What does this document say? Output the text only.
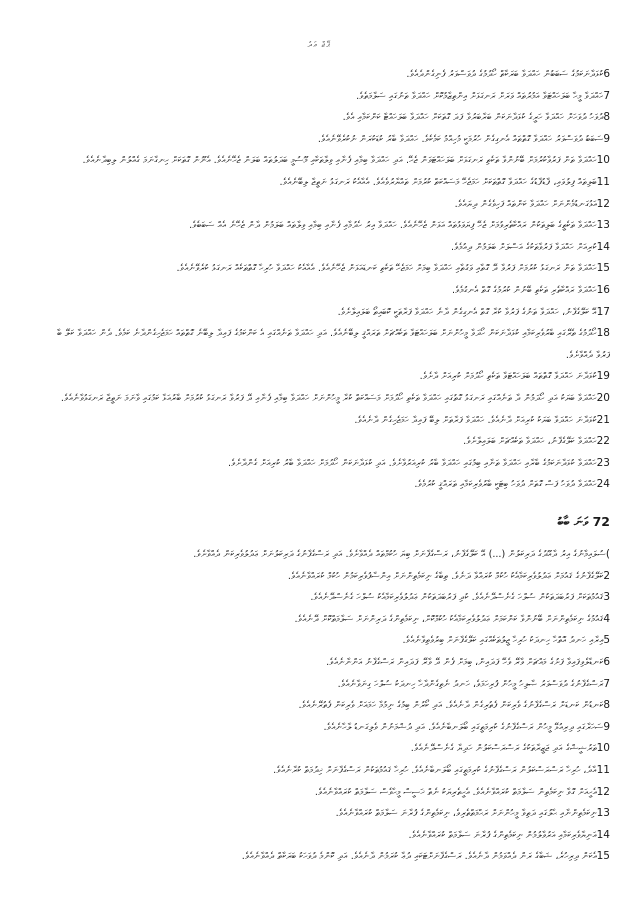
ޕޭޖް ޢަދު

6ކުޅަދާނަކަމުގެ ސަބަބުން ހައްދަވާ ބަރަކާތް ހޯދުމުގެ ދުވަސްވަރު ފެނިގެންދެއެވެ.

7ހައްދަވާ މީހާ ބަލަހައްޓަވާ އަމުރުތައް ވަރަށް ރަނގަޅަށް އިންތިޒާމުކޮށް ހައްދަވާ ތަނުގައި ސަލާމަތެވެ.

8ދުވަހު ދުވަހަށް ހައްދަވާ ހަރީގެ ކުޅަދާނަކަން ބަރާބަރުވާ ފަދަ ގޮތަކަށް ހައްދަވާ ބަލަހައްޓާ ކަންކަމާއި އެވެ.

9ސަބަބު ދުވަސްވަރު ހައްދަވާ ގޮތްތައް އެނގިގެން ހުރުމަކީ މުހިއްމު ކަމެކެވެ. ހައްދަވާ ބާރު ކުޑަކުރަން ނުކުރެވޭނެއެވެ.

10ހައްދަވާ ތަން ފަރުވާކުރުމަށް ބޭނުންވާ ތަކެތި ރަނގަޅަށް ބަލަހައްޓަވަން ޖެހޭ. އަދި ހައްދަވާ ބިމާއި ފެނާއި ވިލާތަކާއި މޫސުމީ ބަދަލުތައް ބަލަން ޖެހޭނެއެވެ. އެނޫން ގޮތަކަށް ހިނގާނަމަ ގެއްލުން ލިބިދާނެއެވެ.

11ބަލިތައް ފިލުވައި، ފާޑުފާޑުގެ ހައްދަވާ ގޮތްތަކަށް ހަމަޖެހޭ މަސައްކަތް ކުރުމަށް ތައްޔާރުވެއެވެ. އެއާއެކު ރަނގަޅު ނަތީޖާ ލިބޭނެއެވެ.

12އަޅުގަނޑުމެންނަށް ހައްދަވާ ކަންތައް ފަހިވެގެން ދިޔައެވެ.

13ހައްދަވާ ތަކެތީގެ ބަލިތަކުން ރައްކާތެރިވުމަށް ޖެހޭ ފިޔަވަޅުތައް އަޅަން ޖެހޭނެއެވެ. ހައްދަވާ އިރު ހެދުމާއި ފެނާއި ބިމާއި ވިލާތައް ބަލަމުން ދާން ޖެހޭނެ އެއް ސަބަބެވެ.

14ކުރިއަށް ހައްދަވާ ފަރުވާތަކުގެ އަސްލަށް ބަލަމުން ދިއުމެވެ.

15ހައްދަވާ ތަން ރަނގަޅު ކުރުމަށް ފަރުވާ ދޭ ގޮތާއި ވަގުތާއި ހައްދަވާ ބިމަށް ހަމަޖެހޭ ތަކެތި ކަނޑައަޅަން ޖެހޭނެއެވެ. އެއާއެކު ހައްދަވާ ހުރިހާ ގޮތްތަކެއް ރަނގަޅު ކުރެވޭނެއެވެ.

16ހައްދަވާ ރައްކާތެރި ތަކެތި ބޭނުން ކުރުމުގެ ގޮތް އެނގުމެވެ.

17އޭ ކަލޭގެފާނު، ހައްދަވާ ތަނުގެ ފަރުވާ ކުރާ ގޮތް އެނގިގެން ދާނެ ހައްދަވާ ފަރާތަކީ ކޮބައިތޯ ބަލައިލާށެވެ.

18ހޯދުމުގެ ތެރޭގައި ބާރުވެރިކަމާއި ކުޅަދާނަކަން ހޯދަވާ މީހުންނަށް ބަލަހައްޓަވާ ތަކެއްޗަށް ތަރައްޤީ ލިބޭނެއެވެ. އަދި ހައްދަވާ ތަނެއްގައި އެ ކަންކަމުގެ ފައިދާ ލިބޭނެ ގޮތްތައް ހަމަޖެހިގެންދާނެ ކަމެވެ. ދެން ހައްދަވާ ކަލޭ ބާ ފަރުވާ ދެއްވާށެވެ.

19ކުޅަދާނަ ހައްދަވާ ގޮތްތައް ބަލަހައްޓަވާ ތަކެތި ހޯދުމަށް ކުރިއަށް ދާށެވެ.

20ހައްދަވާ ބަޔަކު އަދި ހޯދަމުން ދާ ތަނެއްގައި ރަނގަޅު ގޮތުގައި ހައްދަވާ ތަކެތި ހޯދުމަށް މަސައްކަތް ކުރާ މީހުންނަށް ހައްދަވާ ބިމާއި ފެނާއި ދޭ ފަރުވާ ރަނގަޅު ކުރުމަށް ބާރުއަޅާ ކަމުގައި ވާނަމަ ނަތީޖާ ރަނގަޅުވާނެއެވެ.

21ކުޅަދާނަ ހައްދަވާ ބަޔަކު ކުރިއަށް ދާނެއެވެ. ހައްދަވާ ފަރާތަށް ލިބޭ ފައިދާ ހަމަޖެހިގެން ދާނެއެވެ.

22ހައްދަވާ ކަލޭގެފާނު، ހައްދަވާ ތަކެއްޗަށް ބަލައިލާށެވެ.

23ހައްދަވާ ކުޅަދާނަކަމުގެ ބާރާއި ހައްދަވާ ތަނާއި ބިމުގައި ހައްދަވާ ބާރު ކުރިއަރުވާށެވެ. އަދި ކުޅަދާނަކަން ހޯދުމަށް ހައްދަވާ ބާރު ކުރިއަށް ގެންދާށެވެ.

24ހައްދަވާ ދުވަހު ފަސް ގޮތަށް ދުވަހު ބިޓަކީ ބާރުވެރިކަމާއި ތަރައްޤީ ކުރުމެވެ.

72 ވަނަ ބާބު

)ސުލައިމާނުގެ އިރު ދާއޫދުގެ ދަރިކަލުން (...) އޭ ކަލޭގެފާނު، ރަސްގެފާނަށް ބިޔަ ހުކުމްތައް ދެއްވާށެވެ. އަދި ރަސްގެފާނުގެ ދަރިކަލުނަށް ޢަދުލުވެރިކަން ދެއްވާށެވެ.

2ކަލޭގެފާނުގެ ޤައުމަށް ޢަދުލުވެރިކަމާއެކު ހުކުމް ކުރައްވާ ދަނެވެ. ތިބާގެ ނިކަމެތިންނަށް އިންސާފުވެރިކަމުން ހުކުމް ކުރައްވާނެއެވެ.

3ޤައުމުތަކަށް ފަރުބަދަތަކުން ސުލްހަ ގެނެސްދޭނެއެވެ. ކުދި ފަރުބަދަތަކުން ޢަދުލުވެރިކަމާއެކު ސުލްހަ ގެނެސްދޭނެއެވެ.

4ޤައުމުގެ ނިކަމެތިންނަށް ބޭނުންވާ ކަންކަމަށް ޢަދުލުވެރިކަމާއެކު ހުކުމްކޮށް، ނިކަމެތިންގެ ދަރިންނަށް ސަލާމަތްކޮށް ދޭނެއެވެ.

5އިރާއި ހަނދު އޮތްހާ ހިނދަކު ހުރިހާ ޖީލުތަކެއްގައި ކަލޭގެފާނަށް ބިރުވެތިވާނެއެވެ.

6ކަނޑާލެވިފައިވާ ފަށުގެ މައްޗަށް ވާރޭ ވެހޭ ފަދައިން، ބިމަށް ފެން ދޭ ވާރޭ ފަދައިން ރަސްގެފާނު އަންނާނެއެވެ.

7ރަސްގެފާނުގެ ދުވަސްވަރު ޞާލިހު މީހުން ފުރިހަމަވެ، ހަނދު ނެތިގެންދާހާ ހިނދަކު ސުލްހަ ގިނަވާނެއެވެ.

8ކަނޑުން ކަނޑަށް ރަސްގެފާނުގެ ވެރިކަން ފެތުރިގެން ދާނެއެވެ. އަދި ކޯރުން ބިމުގެ ނިމުމާ ހަމައަށް ވެރިކަން ފެތުރޭނެއެވެ.

9ސަހަރާގައި ދިރިއުޅޭ މީހުން ރަސްގެފާނުގެ ކުރިމަތީގައި ބޯލަނބާނެއެވެ. އަދި ދުޝްމަނުން ވެލިގަނޑު ލާހާނެއެވެ.

10ތަރުޝީޝްގެ އަދި ޖަޒީރާތަކުގެ ރަސްރަސްކަލުން ހަދިޔާ ގެނެސްދޭނެއެވެ.

11އާދެ، ހުރިހާ ރަސްރަސްކަލުން ރަސްގެފާނުގެ ކުރިމަތީގައި ބޯލަނބާނެއެވެ. ހުރިހާ ޤައުމުތަކުން ރަސްގެފާނަށް ޚިދުމަތް ކުރާނެއެވެ.

12އެހީއަށް ގޮވާ ނިކަމެތިން ސަލާމަތް ކުރައްވާނެއެވެ. އެހީތެރިޔަކު ނެތް ޚަސީސް މީހާވެސް ސަލާމަތް ކުރައްވާނެއެވެ.

13ނިކަމެތިންނާއި ޙާލުގައި ދަތިވާ މީހުންނަށް ރަޙްމަތްތެރިވެ، ނިކަމެތިންގެ ފުރާނަ ސަލާމަތް ކުރައްވާނެއެވެ.

14އަނިޔާވެރިކަމާއި އަރުވާލުމުން ނިކަމެތިންގެ ފުރާނަ ސަލާމަތް ކުރައްވާނެއެވެ.

15އެކަން ދިރިހުރެ، ޝަބާގެ ރަން ދެއްވަމުން ދާނެއެވެ. ރަސްގެފާނަށްޓަކައި ދުޢާ ކުރަމުން ދާނެއެވެ. އަދި ކޮންމެ ދުވަހަކު ބަރަކާތް ދެއްވާނެއެވެ.
